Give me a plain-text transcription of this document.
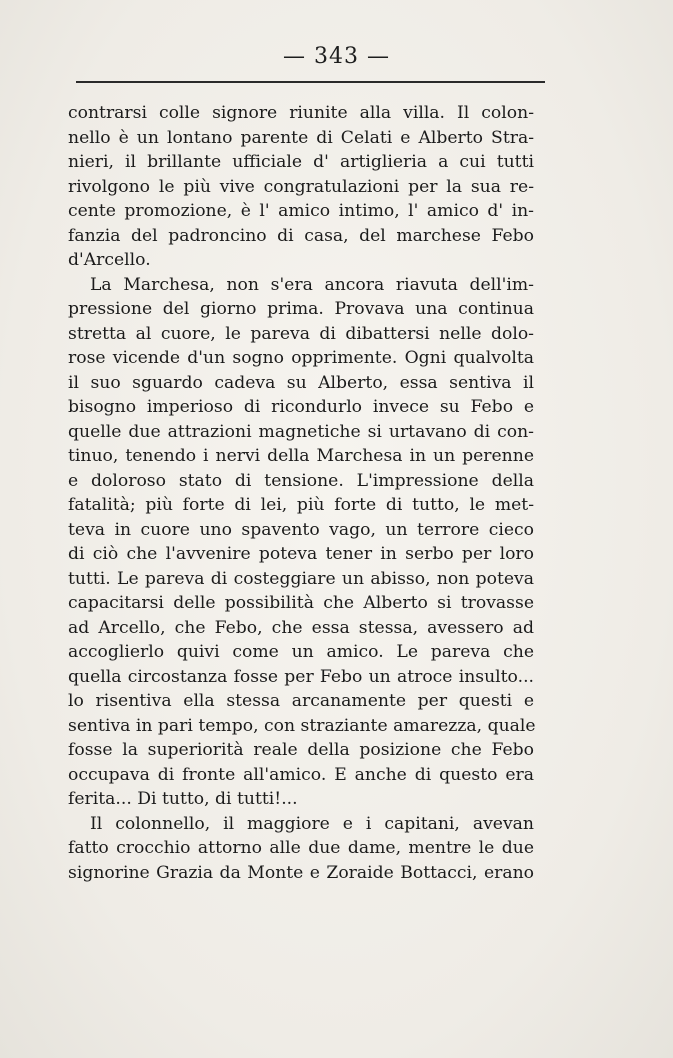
— 343 —
contrarsi colle signore riunite alla villa. Il colon-
nello è un lontano parente di Celati e Alberto Stra-
nieri, il brillante ufficiale d' artiglieria a cui tutti
rivolgono le più vive congratulazioni per la sua re-
cente promozione, è l' amico intimo, l' amico d' in-
fanzia del padroncino di casa, del marchese Febo
d'Arcello.
La Marchesa, non s'era ancora riavuta dell'im-
pressione del giorno prima. Provava una continua
stretta al cuore, le pareva di dibattersi nelle dolo-
rose vicende d'un sogno opprimente. Ogni qualvolta
il suo sguardo cadeva su Alberto, essa sentiva il
bisogno imperioso di ricondurlo invece su Febo e
quelle due attrazioni magnetiche si urtavano di con-
tinuo, tenendo i nervi della Marchesa in un perenne
e doloroso stato di tensione. L'impressione della
fatalità; più forte di lei, più forte di tutto, le met-
teva in cuore uno spavento vago, un terrore cieco
di ciò che l'avvenire poteva tener in serbo per loro
tutti. Le pareva di costeggiare un abisso, non poteva
capacitarsi delle possibilità che Alberto si trovasse
ad Arcello, che Febo, che essa stessa, avessero ad
accoglierlo quivi come un amico. Le pareva che
quella circostanza fosse per Febo un atroce insulto...
lo risentiva ella stessa arcanamente per questi e
sentiva in pari tempo, con straziante amarezza, quale
fosse la superiorità reale della posizione che Febo
occupava di fronte all'amico. E anche di questo era
ferita... Di tutto, di tutti!...
Il colonnello, il maggiore e i capitani, avevan
fatto crocchio attorno alle due dame, mentre le due
signorine Grazia da Monte e Zoraide Bottacci, erano
